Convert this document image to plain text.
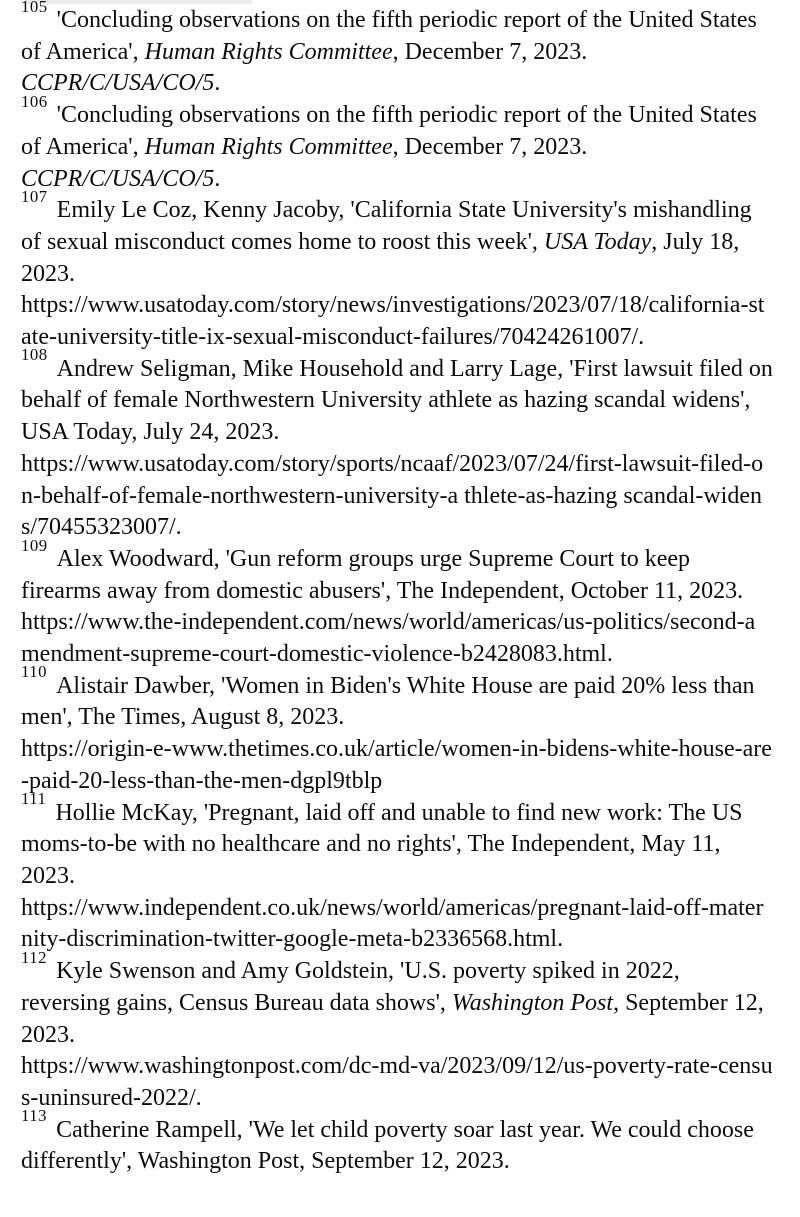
$^{105}$'Concluding observations on the fifth periodic report of the United States of America', Human Rights Committee, December 7, 2023. CCPR/C/USA/CO/5.

$^{106}$'Concluding observations on the fifth periodic report of the United States of America', Human Rights Committee, December 7, 2023. CCPR/C/USA/CO/5.

$^{107}$Emily Le Coz, Kenny Jacoby, 'California State University's mishandling of sexual misconduct comes home to roost this week', USA Today, July 18, 2023.
https://www.usatoday.com/story/news/investigations/2023/07/18/california-state-university-title-ix-sexual-misconduct-failures/70424261007/.

$^{108}$Andrew Seligman, Mike Household and Larry Lage, 'First lawsuit filed on behalf of female Northwestern University athlete as hazing scandal widens', USA Today, July 24, 2023.
https://www.usatoday.com/story/sports/ncaaf/2023/07/24/first-lawsuit-filed-on-behalf-of-female-northwestern-university-a thlete-as-hazing scandal-widens/70455323007/.

$^{109}$Alex Woodward, 'Gun reform groups urge Supreme Court to keep firearms away from domestic abusers', The Independent, October 11, 2023.
https://www.the-independent.com/news/world/americas/us-politics/second-amendment-supreme-court-domestic-violence-b2428083.html.

$^{110}$Alistair Dawber, 'Women in Biden's White House are paid 20% less than men', The Times, August 8, 2023.
https://origin-e-www.thetimes.co.uk/article/women-in-bidens-white-house-are-paid-20-less-than-the-men-dgpl9tblp

$^{111}$Hollie McKay, 'Pregnant, laid off and unable to find new work: The US moms-to-be with no healthcare and no rights', The Independent, May 11, 2023.
https://www.independent.co.uk/news/world/americas/pregnant-laid-off-maternity-discrimination-twitter-google-meta-b2336568.html.

$^{112}$Kyle Swenson and Amy Goldstein, 'U.S. poverty spiked in 2022, reversing gains, Census Bureau data shows', Washington Post, September 12, 2023.
https://www.washingtonpost.com/dc-md-va/2023/09/12/us-poverty-rate-census-uninsured-2022/.

$^{113}$Catherine Rampell, 'We let child poverty soar last year. We could choose differently', Washington Post, September 12, 2023.
